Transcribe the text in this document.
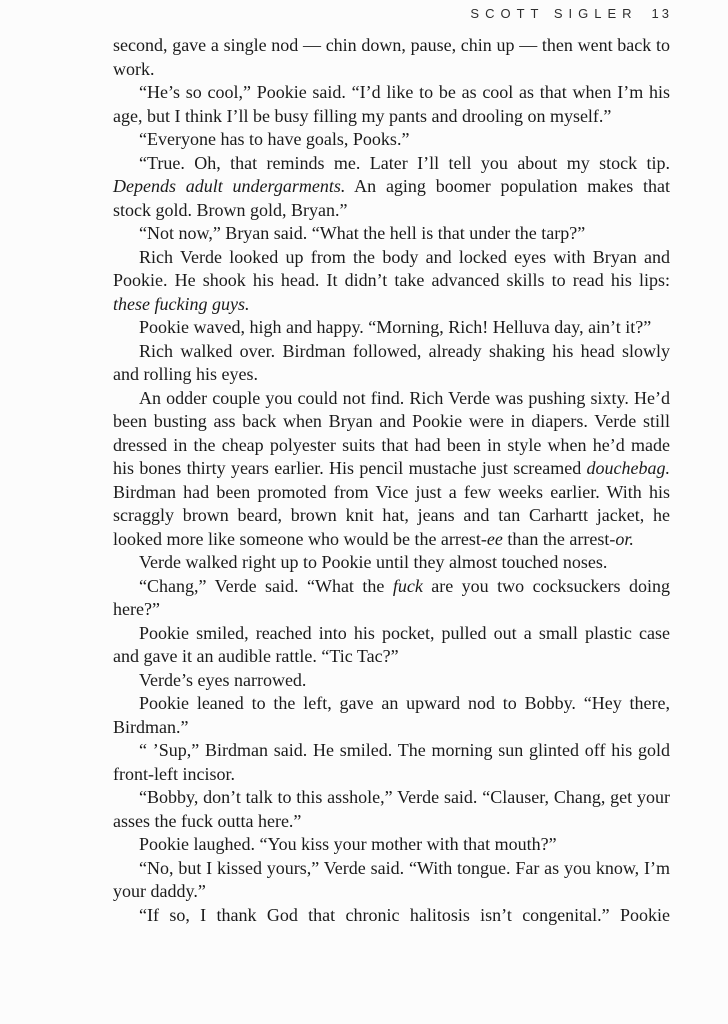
SCOTT SIGLER 13

second, gave a single nod — chin down, pause, chin up — then went back to work.

“He’s so cool,” Pookie said. “I’d like to be as cool as that when I’m his age, but I think I’ll be busy filling my pants and drooling on myself.”

“Everyone has to have goals, Pooks.”

“True. Oh, that reminds me. Later I’ll tell you about my stock tip. Depends adult undergarments. An aging boomer population makes that stock gold. Brown gold, Bryan.”

“Not now,” Bryan said. “What the hell is that under the tarp?”

Rich Verde looked up from the body and locked eyes with Bryan and Pookie. He shook his head. It didn’t take advanced skills to read his lips: these fucking guys.

Pookie waved, high and happy. “Morning, Rich! Helluva day, ain’t it?”

Rich walked over. Birdman followed, already shaking his head slowly and rolling his eyes.

An odder couple you could not find. Rich Verde was pushing sixty. He’d been busting ass back when Bryan and Pookie were in diapers. Verde still dressed in the cheap polyester suits that had been in style when he’d made his bones thirty years earlier. His pencil mustache just screamed douchebag. Birdman had been promoted from Vice just a few weeks earlier. With his scraggly brown beard, brown knit hat, jeans and tan Carhartt jacket, he looked more like someone who would be the arrest-ee than the arrest-or.

Verde walked right up to Pookie until they almost touched noses.

“Chang,” Verde said. “What the fuck are you two cocksuckers doing here?”

Pookie smiled, reached into his pocket, pulled out a small plastic case and gave it an audible rattle. “Tic Tac?”

Verde’s eyes narrowed.

Pookie leaned to the left, gave an upward nod to Bobby. “Hey there, Birdman.”

“ ’Sup,” Birdman said. He smiled. The morning sun glinted off his gold front-left incisor.

“Bobby, don’t talk to this asshole,” Verde said. “Clauser, Chang, get your asses the fuck outta here.”

Pookie laughed. “You kiss your mother with that mouth?”

“No, but I kissed yours,” Verde said. “With tongue. Far as you know, I’m your daddy.”

“If so, I thank God that chronic halitosis isn’t congenital.” Pookie
